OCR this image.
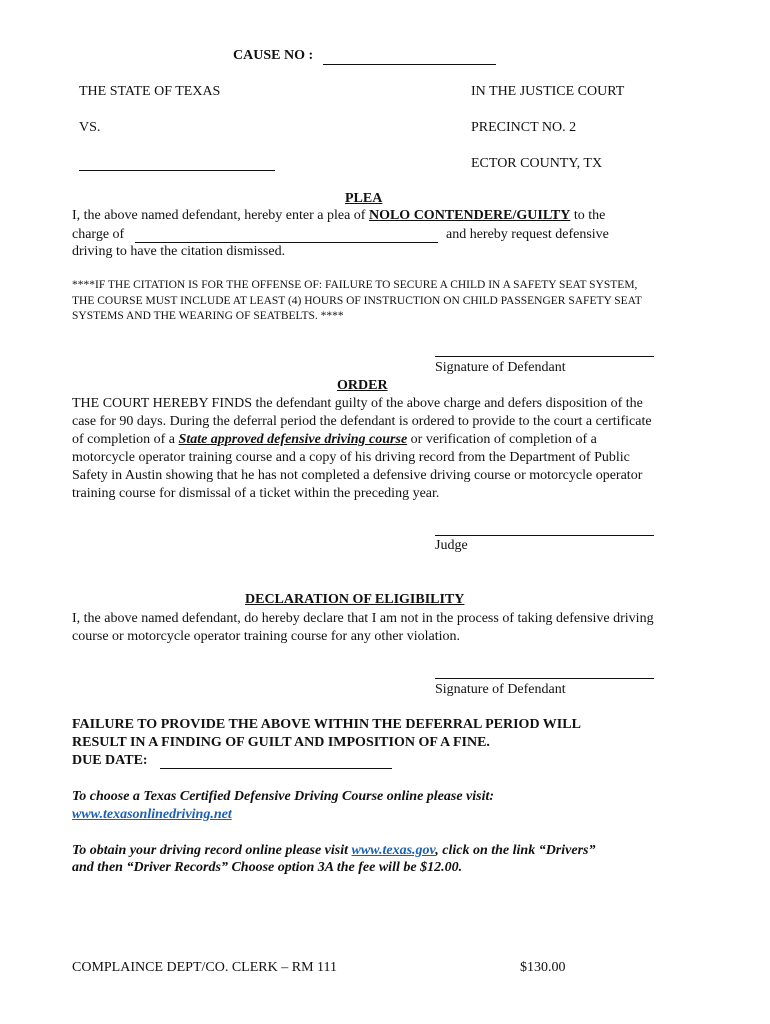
CAUSE NO :
THE STATE OF TEXAS
VS.
IN THE JUSTICE COURT
PRECINCT NO. 2
ECTOR COUNTY, TX
PLEA
I, the above named defendant, hereby enter a plea of NOLO CONTENDERE/GUILTY to the
charge of	and hereby request defensive
driving to have the citation dismissed.
****IF THE CITATION IS FOR THE OFFENSE OF: FAILURE TO SECURE A CHILD IN A SAFETY SEAT SYSTEM, THE COURSE MUST INCLUDE AT LEAST (4) HOURS OF INSTRUCTION ON CHILD PASSENGER SAFETY SEAT SYSTEMS AND THE WEARING OF SEATBELTS. ****
Signature of Defendant
ORDER
THE COURT HEREBY FINDS the defendant guilty of the above charge and defers disposition of the case for 90 days. During the deferral period the defendant is ordered to provide to the court a certificate of completion of a State approved defensive driving course or verification of completion of a motorcycle operator training course and a copy of his driving record from the Department of Public Safety in Austin showing that he has not completed a defensive driving course or motorcycle operator training course for dismissal of a ticket within the preceding year.
Judge
DECLARATION OF ELIGIBILITY
I, the above named defendant, do hereby declare that I am not in the process of taking defensive driving course or motorcycle operator training course for any other violation.
Signature of Defendant
FAILURE TO PROVIDE THE ABOVE WITHIN THE DEFERRAL PERIOD WILL
RESULT IN A FINDING OF GUILT AND IMPOSITION OF A FINE.
DUE DATE:
To choose a Texas Certified Defensive Driving Course online please visit:
www.texasonlinedriving.net
To obtain your driving record online please visit www.texas.gov, click on the link “Drivers”
and then “Driver Records” Choose option 3A the fee will be $12.00.
COMPLAINCE DEPT/CO. CLERK – RM 111	$130.00
